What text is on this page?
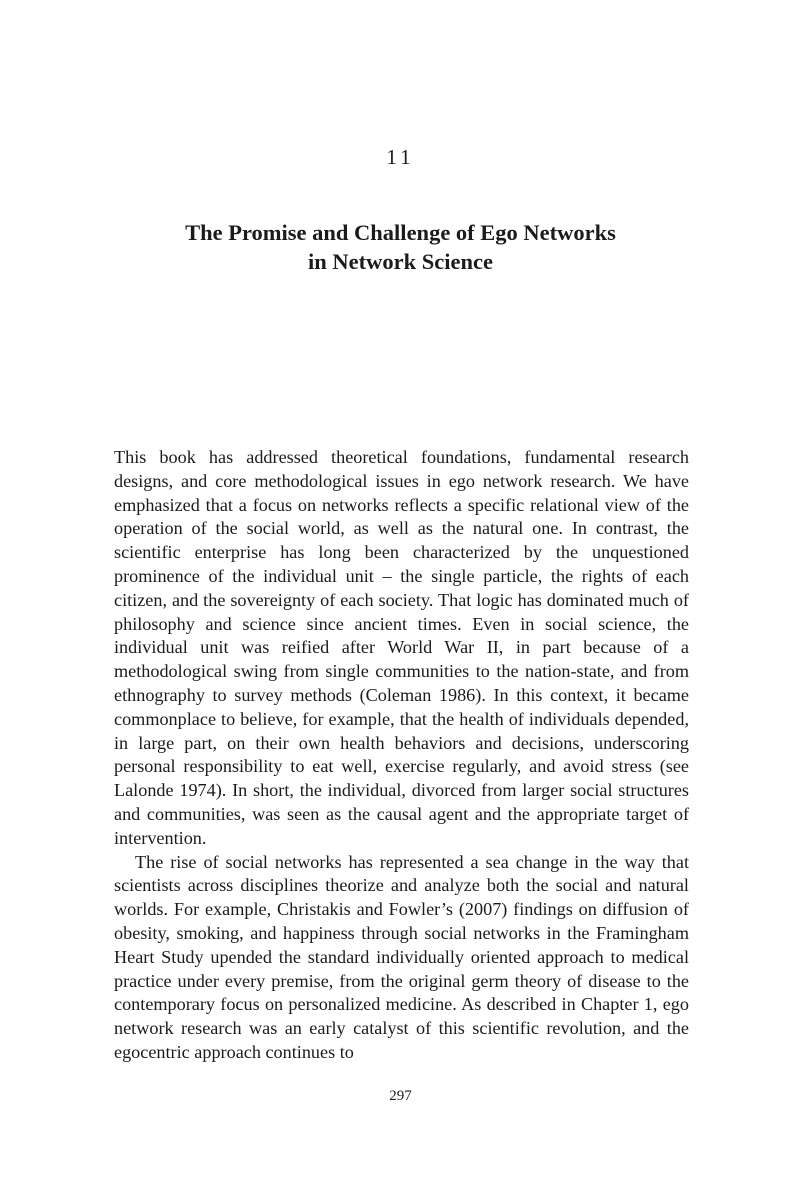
11
The Promise and Challenge of Ego Networks
in Network Science

This book has addressed theoretical foundations, fundamental research designs, and core methodological issues in ego network research. We have emphasized that a focus on networks reflects a specific relational view of the operation of the social world, as well as the natural one. In contrast, the scientific enterprise has long been characterized by the unquestioned prominence of the individual unit – the single particle, the rights of each citizen, and the sovereignty of each society. That logic has dominated much of philosophy and science since ancient times. Even in social science, the individual unit was reified after World War II, in part because of a methodological swing from single communities to the nation-state, and from ethnography to survey methods (Coleman 1986). In this context, it became commonplace to believe, for example, that the health of individuals depended, in large part, on their own health behaviors and decisions, underscoring personal responsibility to eat well, exercise regularly, and avoid stress (see Lalonde 1974). In short, the individual, divorced from larger social structures and communities, was seen as the causal agent and the appropriate target of intervention.

The rise of social networks has represented a sea change in the way that scientists across disciplines theorize and analyze both the social and natural worlds. For example, Christakis and Fowler’s (2007) findings on diffusion of obesity, smoking, and happiness through social networks in the Framingham Heart Study upended the standard individually oriented approach to medical practice under every premise, from the original germ theory of disease to the contemporary focus on personalized medicine. As described in Chapter 1, ego network research was an early catalyst of this scientific revolution, and the egocentric approach continues to

297
